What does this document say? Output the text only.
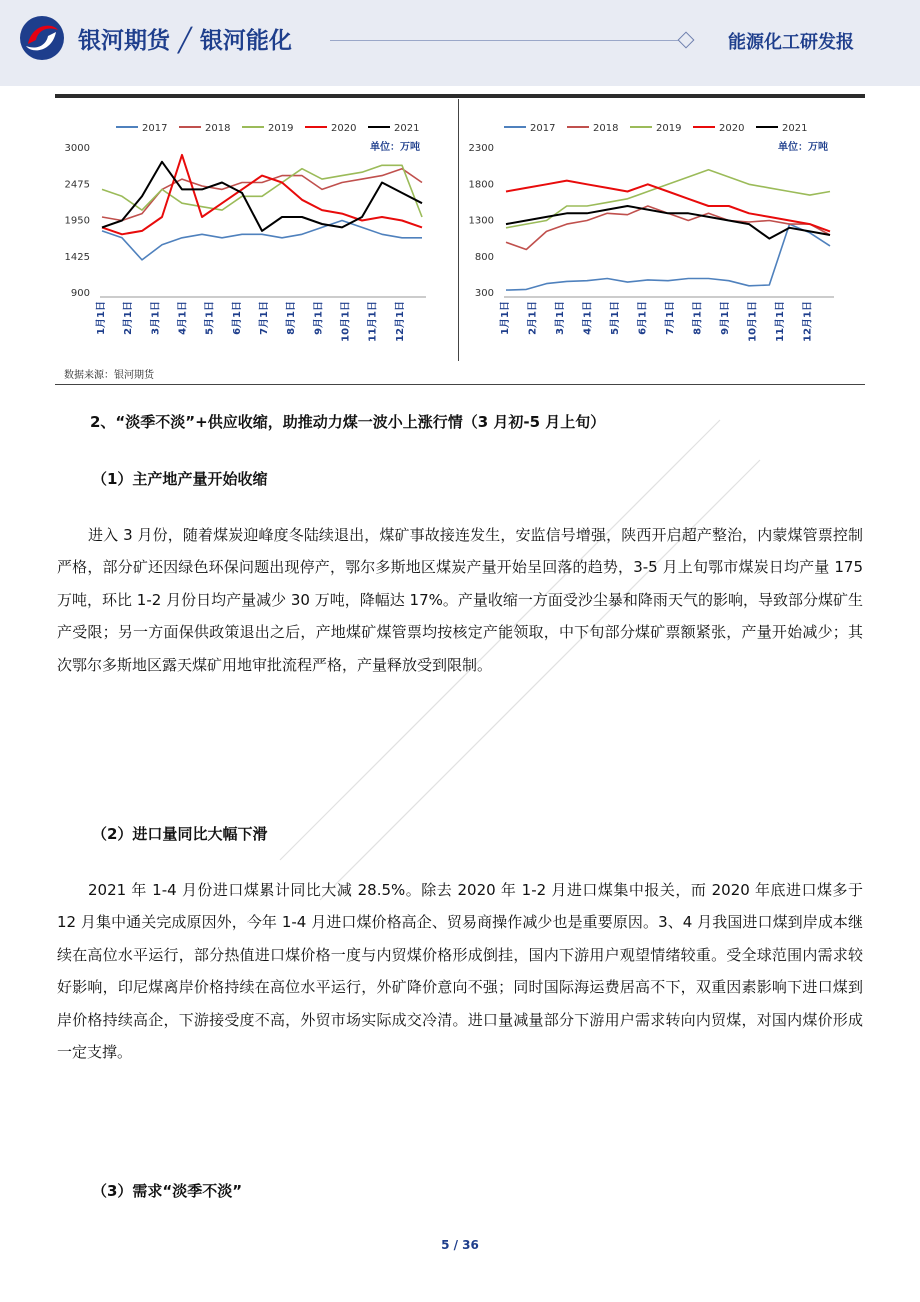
银河期货 ╱ 银河能化	能源化工研发报
2017	2018	2019	2020	2021
单位：万吨
3000
2475
1950
1425
900
1月1日 2月1日 3月1日 4月1日 5月1日 6月1日 7月1日 8月1日 9月1日 10月1日 11月1日 12月1日
2017	2018	2019	2020	2021
单位：万吨
2300
1800
1300
800
300
1月1日 2月1日 3月1日 4月1日 5月1日 6月1日 7月1日 8月1日 9月1日 10月1日 11月1日 12月1日
数据来源：银河期货

2、“淡季不淡”+供应收缩，助推动力煤一波小上涨行情（3 月初-5 月上旬）

（1）主产地产量开始收缩

进入 3 月份，随着煤炭迎峰度冬陆续退出，煤矿事故接连发生，安监信号增强，陕西开启超产整治，内蒙煤管票控制严格，部分矿还因绿色环保问题出现停产，鄂尔多斯地区煤炭产量开始呈回落的趋势，3-5 月上旬鄂市煤炭日均产量 175 万吨，环比 1-2 月份日均产量减少 30 万吨，降幅达 17%。产量收缩一方面受沙尘暴和降雨天气的影响，导致部分煤矿生产受限；另一方面保供政策退出之后，产地煤矿煤管票均按核定产能领取，中下旬部分煤矿票额紧张，产量开始减少；其次鄂尔多斯地区露天煤矿用地审批流程严格，产量释放受到限制。

（2）进口量同比大幅下滑

2021 年 1-4 月份进口煤累计同比大减 28.5%。除去 2020 年 1-2 月进口煤集中报关，而 2020 年底进口煤多于 12 月集中通关完成原因外，今年 1-4 月进口煤价格高企、贸易商操作减少也是重要原因。3、4 月我国进口煤到岸成本继续在高位水平运行，部分热值进口煤价格一度与内贸煤价格形成倒挂，国内下游用户观望情绪较重。受全球范围内需求较好影响，印尼煤离岸价格持续在高位水平运行，外矿降价意向不强；同时国际海运费居高不下，双重因素影响下进口煤到岸价格持续高企，下游接受度不高，外贸市场实际成交冷清。进口量减量部分下游用户需求转向内贸煤，对国内煤价形成一定支撑。

（3）需求“淡季不淡”

5 / 36
